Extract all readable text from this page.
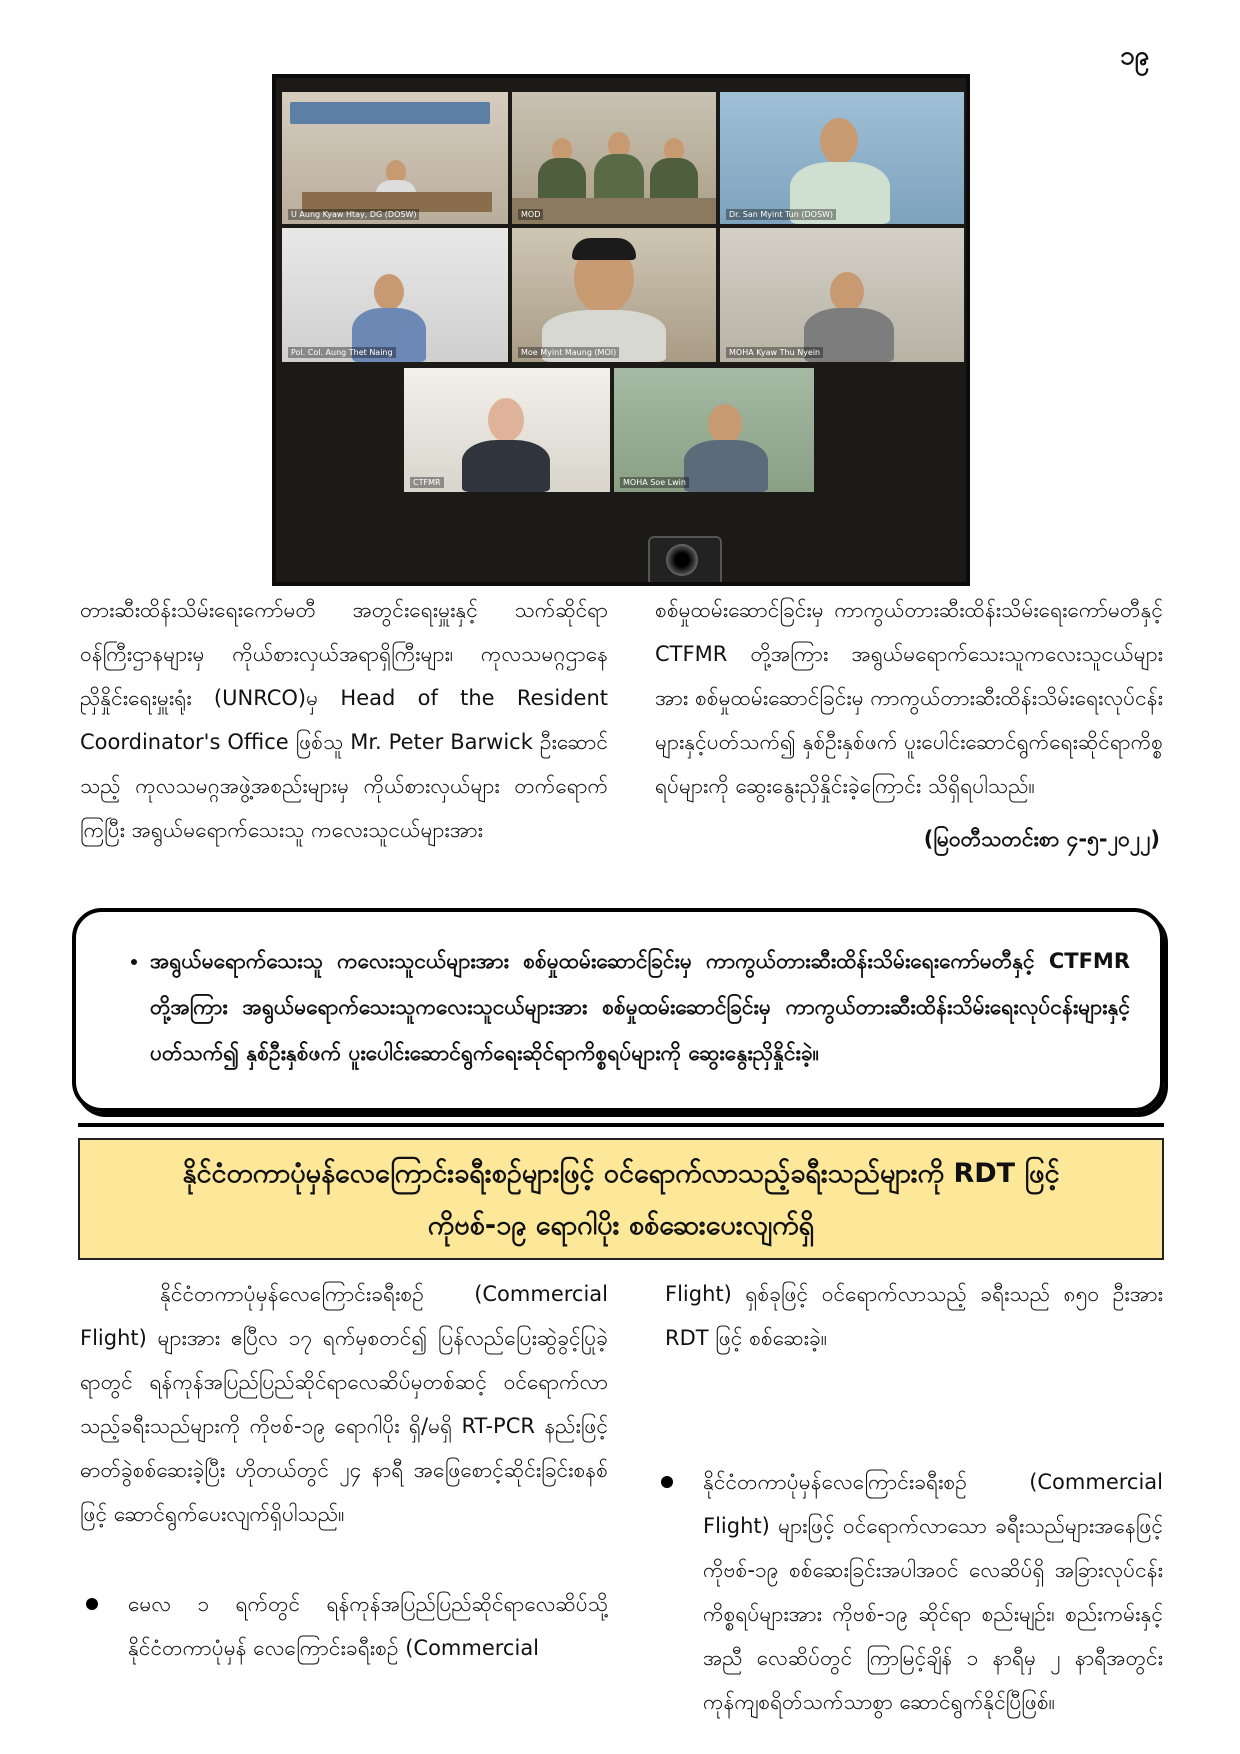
၁၉
U Aung Kyaw Htay, DG (DOSW)	MOD	Dr. San Myint Tun (DOSW)
Pol. Col. Aung Thet Naing	Moe Myint Maung (MOI)	MOHA Kyaw Thu Nyein
CTFMR	MOHA Soe Lwin
တားဆီးထိန်းသိမ်းရေးကော်မတီ အတွင်းရေးမှူးနှင့် သက်ဆိုင်ရာဝန်ကြီးဌာနများမှ ကိုယ်စားလှယ်အရာရှိကြီးများ၊ ကုလသမဂ္ဂဌာနေ ညှိနှိုင်းရေးမှူးရုံး (UNRCO)မှ Head of the Resident Coordinator's Office ဖြစ်သူ Mr. Peter Barwick ဦးဆောင်သည့် ကုလသမဂ္ဂအဖွဲ့အစည်းများမှ ကိုယ်စားလှယ်များ တက်ရောက်ကြပြီး အရွယ်မရောက်သေးသူ ကလေးသူငယ်များအား
စစ်မှုထမ်းဆောင်ခြင်းမှ ကာကွယ်တားဆီးထိန်းသိမ်းရေးကော်မတီနှင့် CTFMR တို့အကြား အရွယ်မရောက်သေးသူကလေးသူငယ်များအား စစ်မှုထမ်းဆောင်ခြင်းမှ ကာကွယ်တားဆီးထိန်းသိမ်းရေးလုပ်ငန်းများနှင့်ပတ်သက်၍ နှစ်ဦးနှစ်ဖက် ပူးပေါင်းဆောင်ရွက်ရေးဆိုင်ရာကိစ္စရပ်များကို ဆွေးနွေးညှိနှိုင်းခဲ့ကြောင်း သိရှိရပါသည်။
(မြဝတီသတင်းစာ ၄-၅-၂၀၂၂)
• အရွယ်မရောက်သေးသူ ကလေးသူငယ်များအား စစ်မှုထမ်းဆောင်ခြင်းမှ ကာကွယ်တားဆီးထိန်းသိမ်းရေးကော်မတီနှင့် CTFMR တို့အကြား အရွယ်မရောက်သေးသူကလေးသူငယ်များအား စစ်မှုထမ်းဆောင်ခြင်းမှ ကာကွယ်တားဆီးထိန်းသိမ်းရေးလုပ်ငန်းများနှင့်ပတ်သက်၍ နှစ်ဦးနှစ်ဖက် ပူးပေါင်းဆောင်ရွက်ရေးဆိုင်ရာကိစ္စရပ်များကို ဆွေးနွေးညှိနှိုင်းခဲ့။
နိုင်ငံတကာပုံမှန်လေကြောင်းခရီးစဉ်များဖြင့် ဝင်ရောက်လာသည့်ခရီးသည်များကို RDT ဖြင့်
ကိုဗစ်-၁၉ ရောဂါပိုး စစ်ဆေးပေးလျက်ရှိ
နိုင်ငံတကာပုံမှန်လေကြောင်းခရီးစဉ် (Commercial Flight) များအား ဧပြီလ ၁၇ ရက်မှစတင်၍ ပြန်လည်ပြေးဆွဲခွင့်ပြုခဲ့ရာတွင် ရန်ကုန်အပြည်ပြည်ဆိုင်ရာလေဆိပ်မှတစ်ဆင့် ဝင်ရောက်လာသည့်ခရီးသည်များကို ကိုဗစ်-၁၉ ရောဂါပိုး ရှိ/မရှိ RT-PCR နည်းဖြင့် ဓာတ်ခွဲစစ်ဆေးခဲ့ပြီး ဟိုတယ်တွင် ၂၄ နာရီ အဖြေစောင့်ဆိုင်းခြင်းစနစ်ဖြင့် ဆောင်ရွက်ပေးလျက်ရှိပါသည်။
မေလ ၁ ရက်တွင် ရန်ကုန်အပြည်ပြည်ဆိုင်ရာလေဆိပ်သို့ နိုင်ငံတကာပုံမှန် လေကြောင်းခရီးစဉ် (Commercial
Flight) ရှစ်ခုဖြင့် ဝင်ရောက်လာသည့် ခရီးသည် ၈၅၀ ဦးအား RDT ဖြင့် စစ်ဆေးခဲ့။
နိုင်ငံတကာပုံမှန်လေကြောင်းခရီးစဉ် (Commercial Flight) များဖြင့် ဝင်ရောက်လာသော ခရီးသည်များအနေဖြင့် ကိုဗစ်-၁၉ စစ်ဆေးခြင်းအပါအဝင် လေဆိပ်ရှိ အခြားလုပ်ငန်းကိစ္စရပ်များအား ကိုဗစ်-၁၉ ဆိုင်ရာ စည်းမျဉ်း၊ စည်းကမ်းနှင့်အညီ လေဆိပ်တွင် ကြာမြင့်ချိန် ၁ နာရီမှ ၂ နာရီအတွင်း ကုန်ကျစရိတ်သက်သာစွာ ဆောင်ရွက်နိုင်ပြီဖြစ်။
